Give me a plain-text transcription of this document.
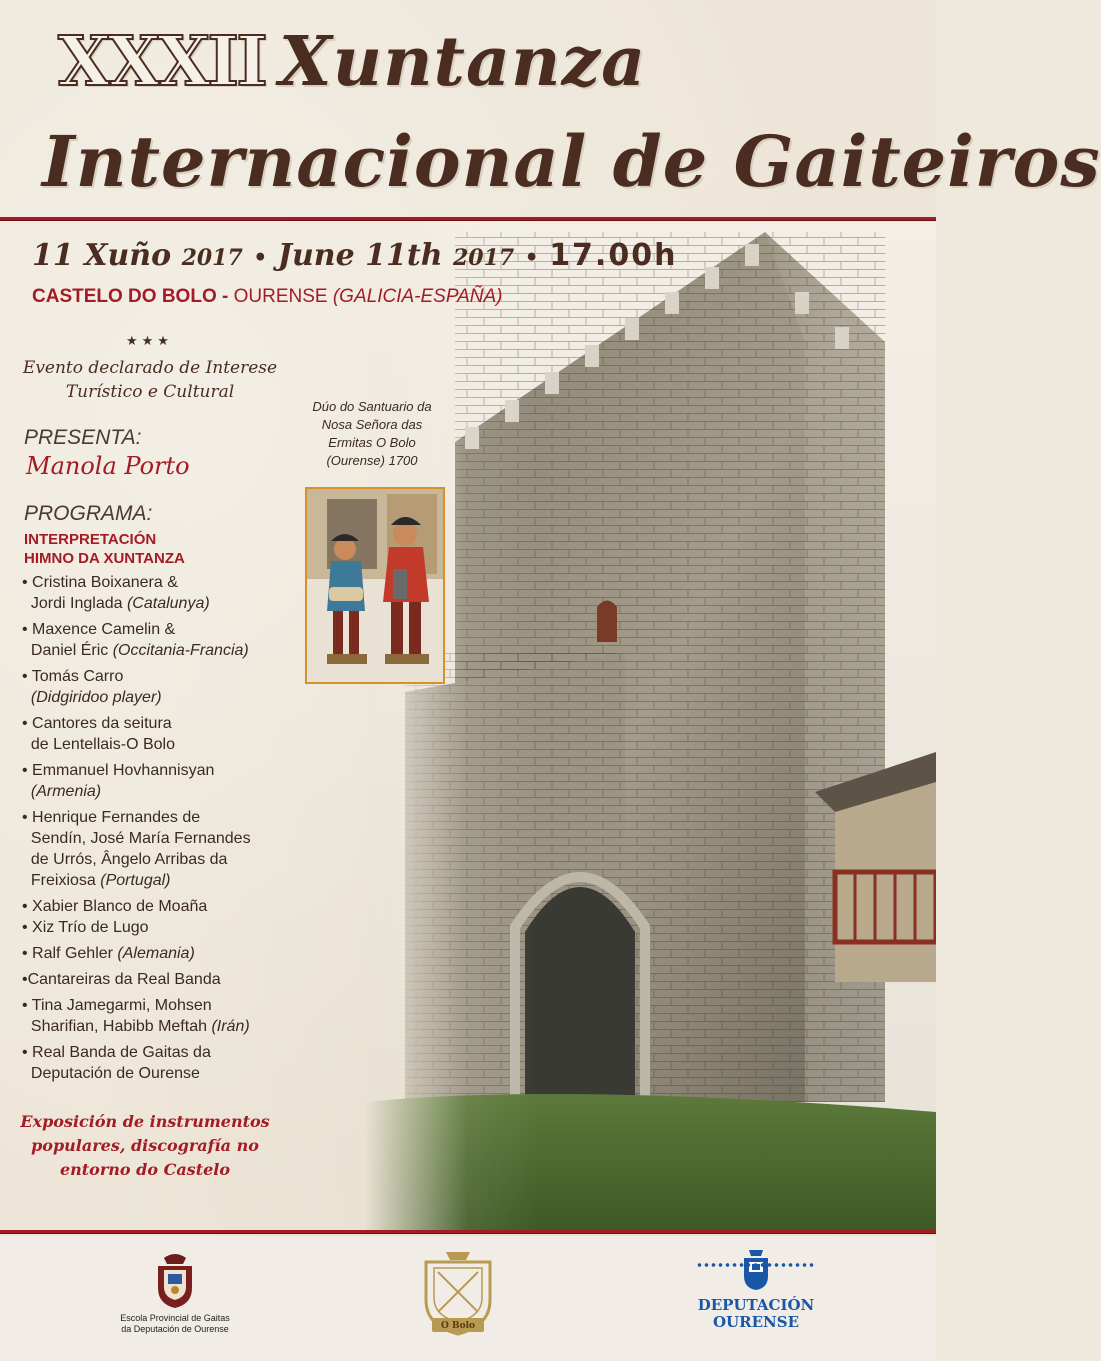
XXXII Xuntanza
Internacional de Gaiteiros
11 Xuño 2017 • June 11th 2017 • 17.00h
CASTELO DO BOLO - OURENSE (GALICIA-ESPAÑA)
★★★
Evento declarado de Interese
Turístico e Cultural
PRESENTA:
Manola Porto
PROGRAMA:
INTERPRETACIÓN
HIMNO DA XUNTANZA
• Cristina Boixanera &
Jordi Inglada (Catalunya)
• Maxence Camelin &
Daniel Éric (Occitania-Francia)
• Tomás Carro
(Didgiridoo player)
• Cantores da seitura
de Lentellais-O Bolo
• Emmanuel Hovhannisyan
(Armenia)
• Henrique Fernandes de
Sendín, José María Fernandes
de Urrós, Ângelo Arribas da
Freixiosa (Portugal)
• Xabier Blanco de Moaña
• Xiz Trío de Lugo
• Ralf Gehler (Alemania)
•Cantareiras da Real Banda
• Tina Jamegarmi, Mohsen
Sharifian, Habibb Meftah (Irán)
• Real Banda de Gaitas da
Deputación de Ourense
Exposición de instrumentos
populares, discografía no
entorno do Castelo
Dúo do Santuario da
Nosa Señora das
Ermitas O Bolo
(Ourense) 1700
Escola Provincial de Gaitas
da Deputación de Ourense	O Bolo
DEPUTACIÓN
OURENSE
